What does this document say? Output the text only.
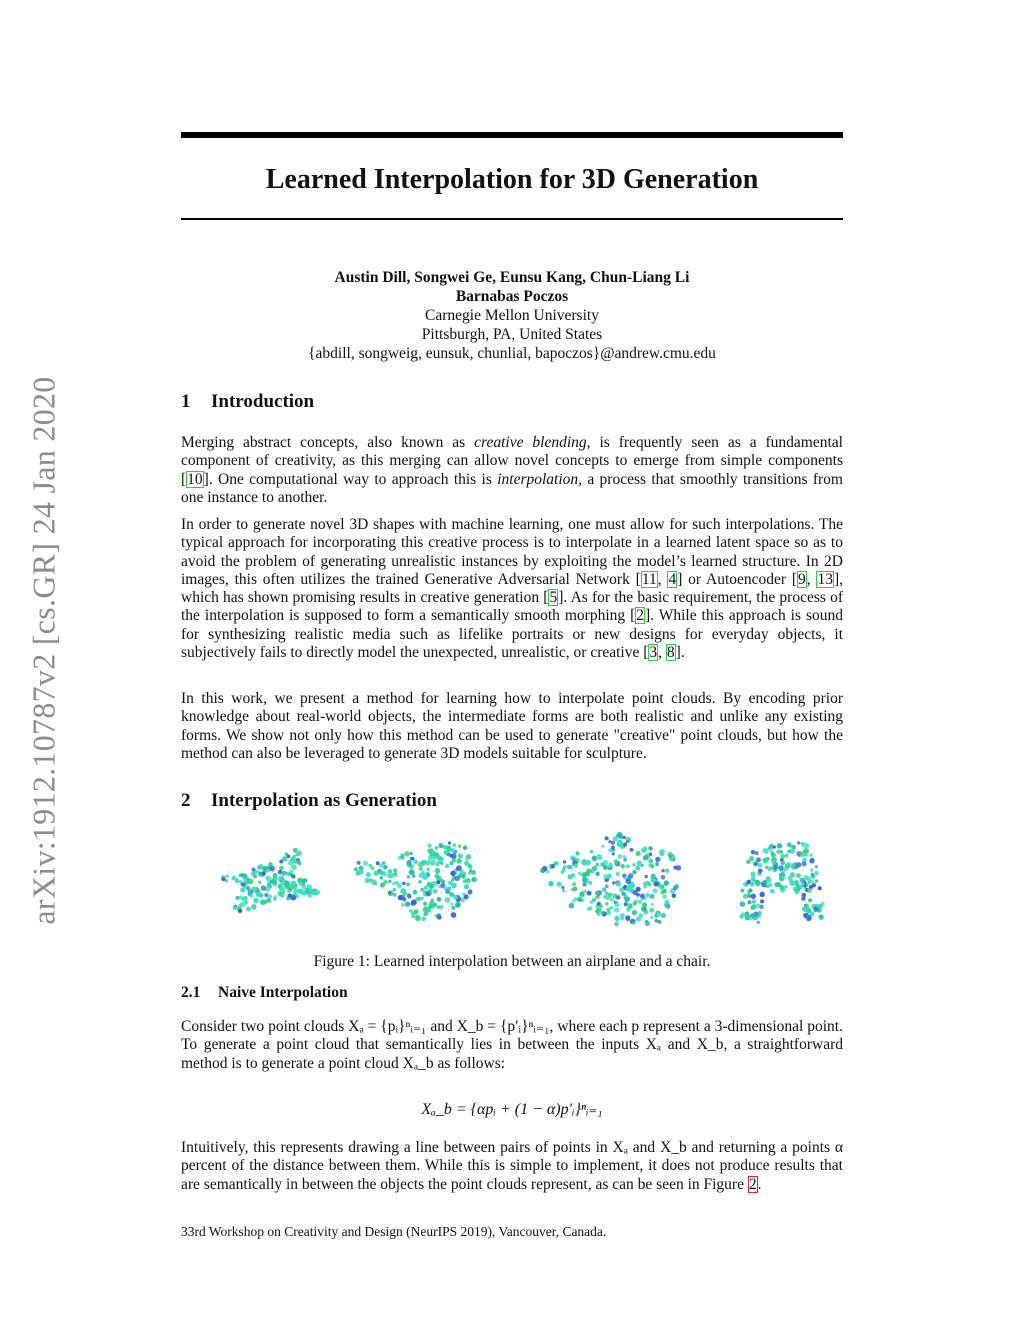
arXiv:1912.10787v2 [cs.GR] 24 Jan 2020
Learned Interpolation for 3D Generation
Austin Dill, Songwei Ge, Eunsu Kang, Chun-Liang Li
Barnabas Poczos
Carnegie Mellon University
Pittsburgh, PA, United States
{abdill, songweig, eunsuk, chunlial, bapoczos}@andrew.cmu.edu
1 Introduction

Merging abstract concepts, also known as creative blending, is frequently seen as a fundamental component of creativity, as this merging can allow novel concepts to emerge from simple components [10]. One computational way to approach this is interpolation, a process that smoothly transitions from one instance to another.

In order to generate novel 3D shapes with machine learning, one must allow for such interpolations. The typical approach for incorporating this creative process is to interpolate in a learned latent space so as to avoid the problem of generating unrealistic instances by exploiting the model’s learned structure. In 2D images, this often utilizes the trained Generative Adversarial Network [11, 4] or Autoencoder [9, 13], which has shown promising results in creative generation [5]. As for the basic requirement, the process of the interpolation is supposed to form a semantically smooth morphing [2]. While this approach is sound for synthesizing realistic media such as lifelike portraits or new designs for everyday objects, it subjectively fails to directly model the unexpected, unrealistic, or creative [3, 8].

In this work, we present a method for learning how to interpolate point clouds. By encoding prior knowledge about real-world objects, the intermediate forms are both realistic and unlike any existing forms. We show not only how this method can be used to generate "creative" point clouds, but how the method can also be leveraged to generate 3D models suitable for sculpture.

2 Interpolation as Generation

Figure 1: Learned interpolation between an airplane and a chair.

2.1 Naive Interpolation

Consider two point clouds Xₐ = {pᵢ}ⁿᵢ₌₁ and X_b = {p′ᵢ}ⁿᵢ₌₁, where each p represent a 3-dimensional point. To generate a point cloud that semantically lies in between the inputs Xₐ and X_b, a straightforward method is to generate a point cloud Xₐ_b as follows:

Xₐ_b = {αpᵢ + (1 − α)p′ᵢ}ⁿᵢ₌₁

Intuitively, this represents drawing a line between pairs of points in Xₐ and X_b and returning a points α percent of the distance between them. While this is simple to implement, it does not produce results that are semantically in between the objects the point clouds represent, as can be seen in Figure 2.

33rd Workshop on Creativity and Design (NeurIPS 2019), Vancouver, Canada.
